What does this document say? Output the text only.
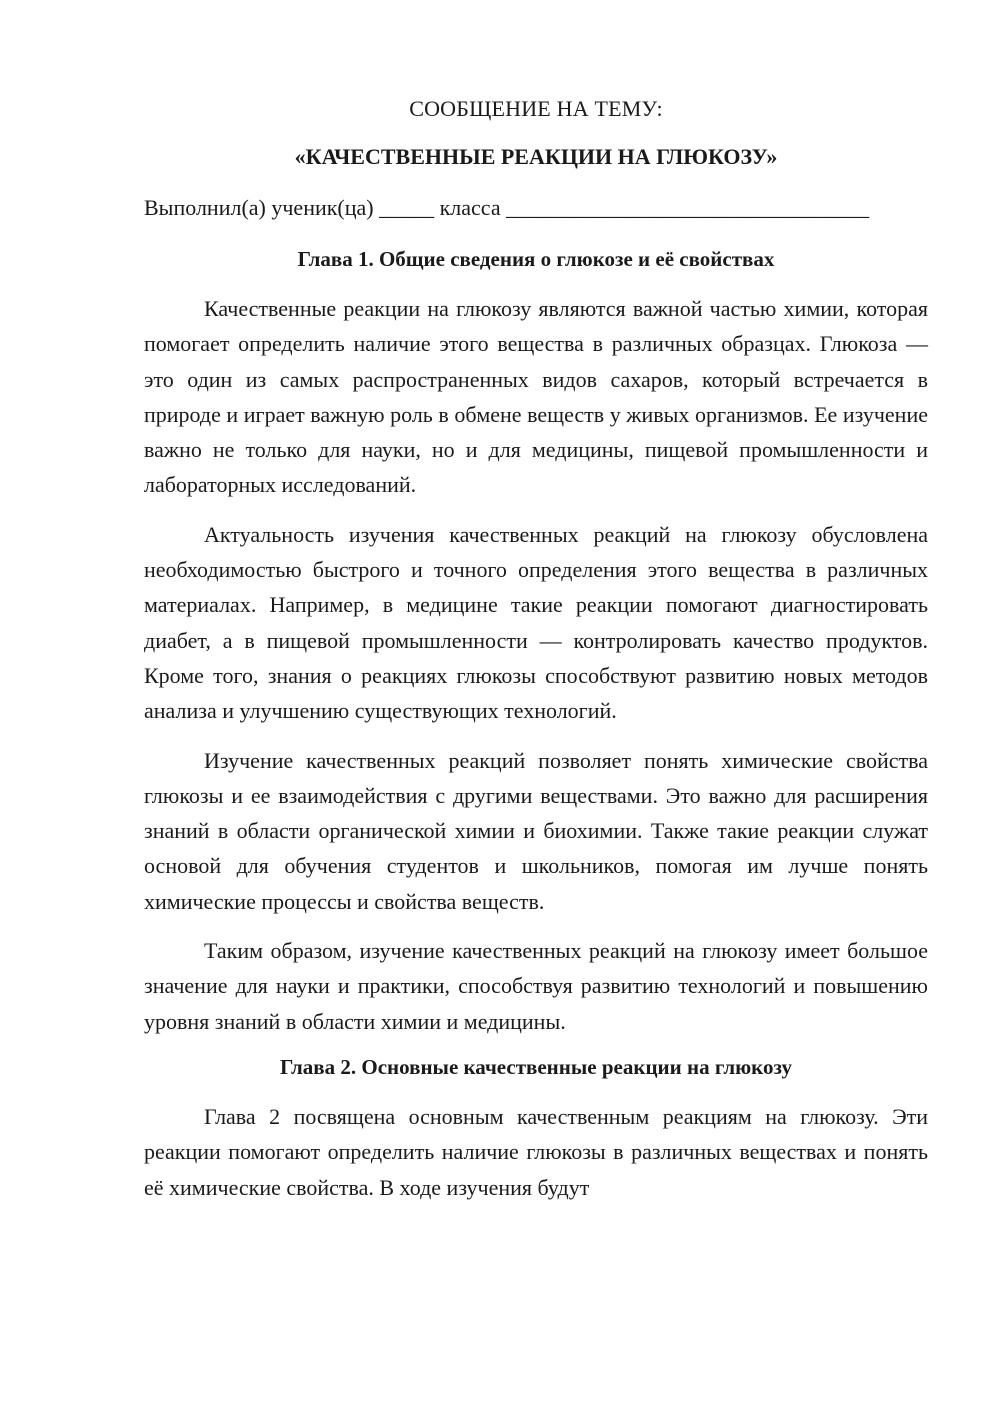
СООБЩЕНИЕ НА ТЕМУ:
«КАЧЕСТВЕННЫЕ РЕАКЦИИ НА ГЛЮКОЗУ»
Выполнил(а) ученик(ца) _____ класса _________________________________
Глава 1. Общие сведения о глюкозе и её свойствах

Качественные реакции на глюкозу являются важной частью химии, которая помогает определить наличие этого вещества в различных образцах. Глюкоза — это один из самых распространенных видов сахаров, который встречается в природе и играет важную роль в обмене веществ у живых организмов. Ее изучение важно не только для науки, но и для медицины, пищевой промышленности и лабораторных исследований.

Актуальность изучения качественных реакций на глюкозу обусловлена необходимостью быстрого и точного определения этого вещества в различных материалах. Например, в медицине такие реакции помогают диагностировать диабет, а в пищевой промышленности — контролировать качество продуктов. Кроме того, знания о реакциях глюкозы способствуют развитию новых методов анализа и улучшению существующих технологий.

Изучение качественных реакций позволяет понять химические свойства глюкозы и ее взаимодействия с другими веществами. Это важно для расширения знаний в области органической химии и биохимии. Также такие реакции служат основой для обучения студентов и школьников, помогая им лучше понять химические процессы и свойства веществ.

Таким образом, изучение качественных реакций на глюкозу имеет большое значение для науки и практики, способствуя развитию технологий и повышению уровня знаний в области химии и медицины.

Глава 2. Основные качественные реакции на глюкозу

Глава 2 посвящена основным качественным реакциям на глюкозу. Эти реакции помогают определить наличие глюкозы в различных веществах и понять её химические свойства. В ходе изучения будут
